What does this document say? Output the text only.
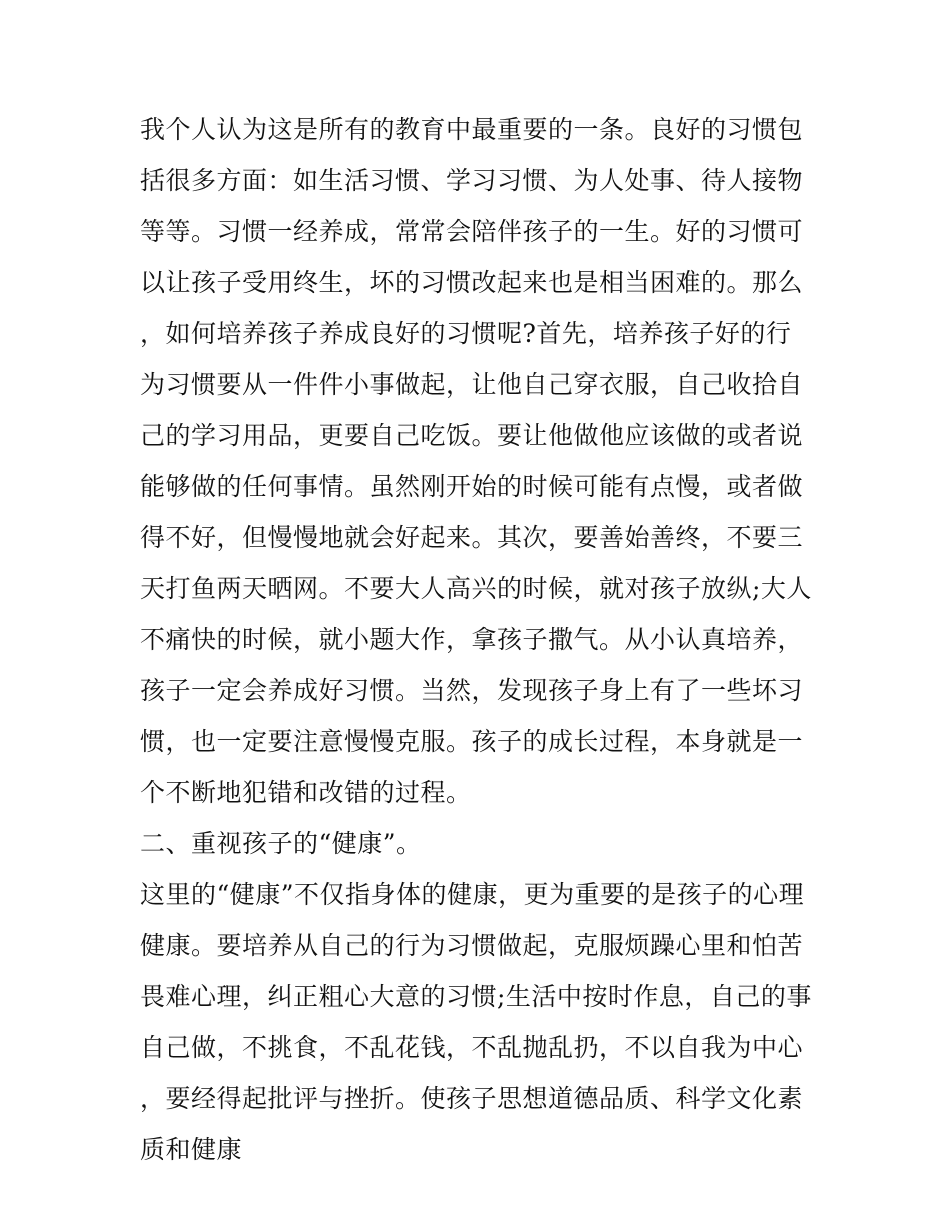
我个人认为这是所有的教育中最重要的一条。良好的习惯包括很多方面：如生活习惯、学习习惯、为人处事、待人接物等等。习惯一经养成，常常会陪伴孩子的一生。好的习惯可以让孩子受用终生，坏的习惯改起来也是相当困难的。那么，如何培养孩子养成良好的习惯呢?首先，培养孩子好的行为习惯要从一件件小事做起，让他自己穿衣服，自己收拾自己的学习用品，更要自己吃饭。要让他做他应该做的或者说能够做的任何事情。虽然刚开始的时候可能有点慢，或者做得不好，但慢慢地就会好起来。其次，要善始善终，不要三天打鱼两天晒网。不要大人高兴的时候，就对孩子放纵;大人不痛快的时候，就小题大作，拿孩子撒气。从小认真培养，孩子一定会养成好习惯。当然，发现孩子身上有了一些坏习惯，也一定要注意慢慢克服。孩子的成长过程，本身就是一个不断地犯错和改错的过程。

二、重视孩子的“健康”。

这里的“健康”不仅指身体的健康，更为重要的是孩子的心理健康。要培养从自己的行为习惯做起，克服烦躁心里和怕苦畏难心理，纠正粗心大意的习惯;生活中按时作息，自己的事自己做，不挑食，不乱花钱，不乱抛乱扔，不以自我为中心，要经得起批评与挫折。使孩子思想道德品质、科学文化素质和健康
